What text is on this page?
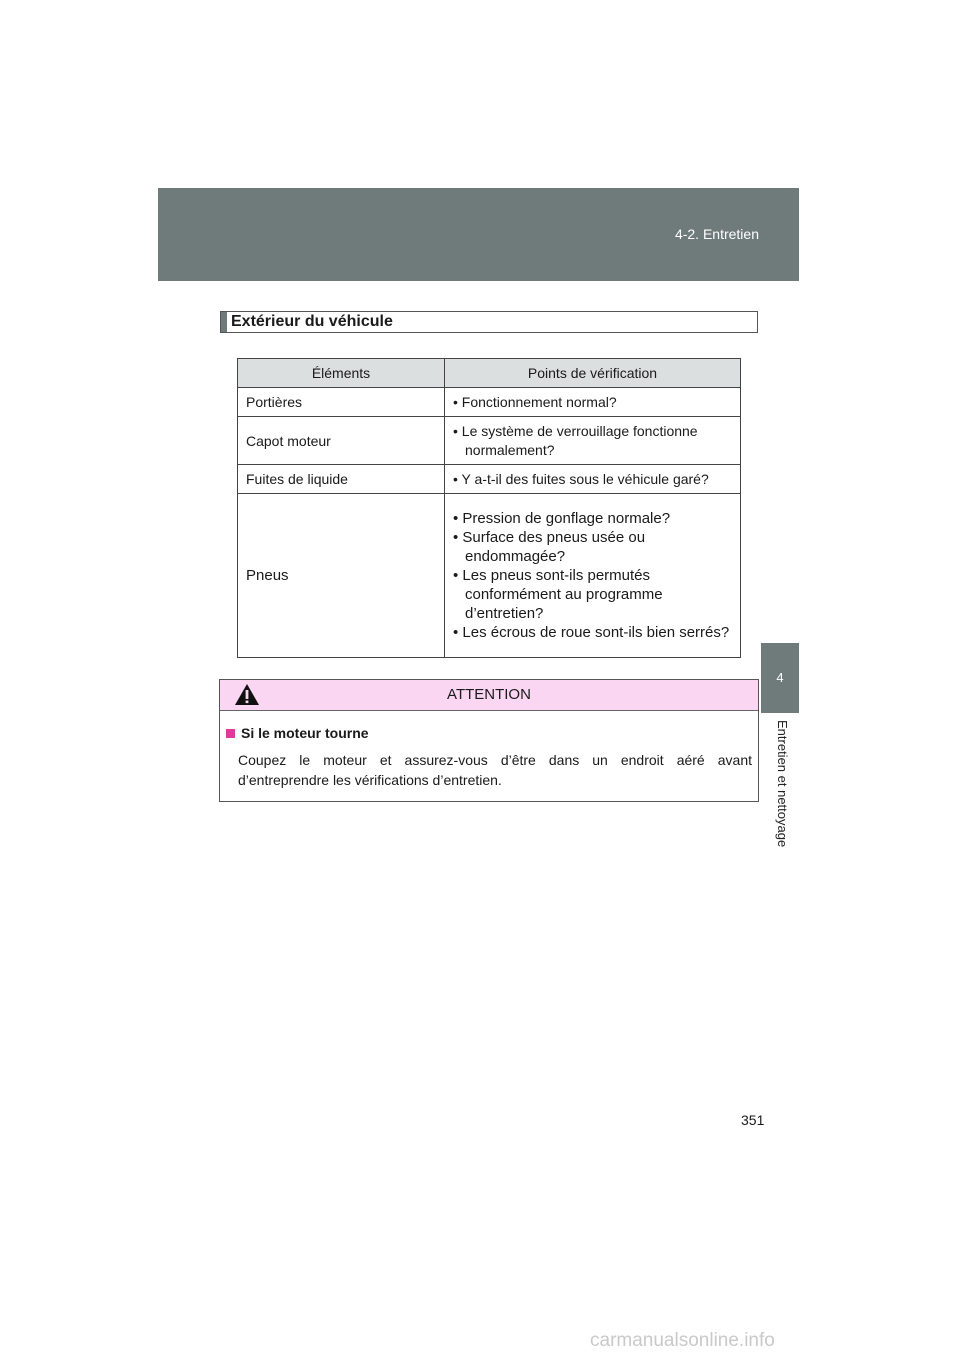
4-2. Entretien
4
Entretien et nettoyage
Extérieur du véhicule
Éléments	Points de vérification
Portières	• Fonctionnement normal?

Capot moteur	• Le système de verrouillage fonctionne normalement?

Fuites de liquide	• Y a-t-il des fuites sous le véhicule garé?

Pneus	• Pression de gonflage normale?
• Surface des pneus usée ou endommagée?
• Les pneus sont-ils permutés conformément au programme d’entretien?
• Les écrous de roue sont-ils bien serrés?
ATTENTION
Si le moteur tourne
Coupez le moteur et assurez-vous d’être dans un endroit aéré avant d’entreprendre les vérifications d’entretien.
351
carmanualsonline.info
